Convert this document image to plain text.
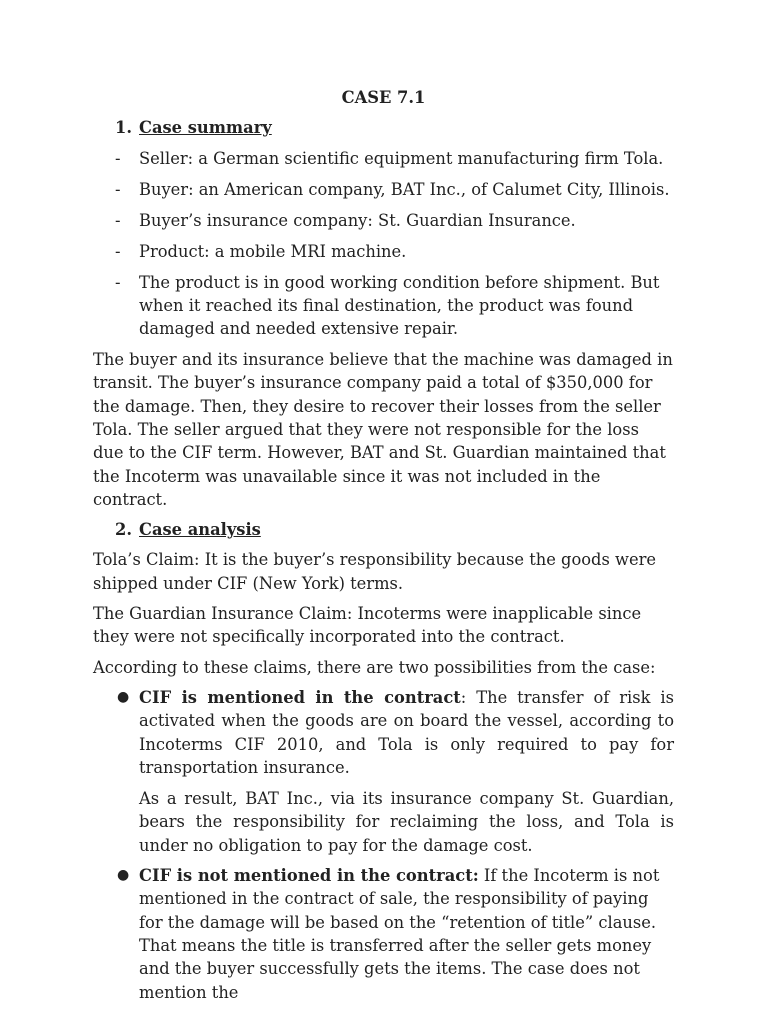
CASE 7.1
1. Case summary
- Seller: a German scientific equipment manufacturing firm Tola.
- Buyer: an American company, BAT Inc., of Calumet City, Illinois.
- Buyer’s insurance company: St. Guardian Insurance.
- Product: a mobile MRI machine.
- The product is in good working condition before shipment. But when it reached its final destination, the product was found damaged and needed extensive repair.

The buyer and its insurance believe that the machine was damaged in transit. The buyer’s insurance company paid a total of $350,000 for the damage. Then, they desire to recover their losses from the seller Tola. The seller argued that they were not responsible for the loss due to the CIF term. However, BAT and St. Guardian maintained that the Incoterm was unavailable since it was not included in the contract.

2. Case analysis

Tola’s Claim: It is the buyer’s responsibility because the goods were shipped under CIF (New York) terms.

The Guardian Insurance Claim: Incoterms were inapplicable since they were not specifically incorporated into the contract.

According to these claims, there are two possibilities from the case:

● CIF is mentioned in the contract: The transfer of risk is activated when the goods are on board the vessel, according to Incoterms CIF 2010, and Tola is only required to pay for transportation insurance.
As a result, BAT Inc., via its insurance company St. Guardian, bears the responsibility for reclaiming the loss, and Tola is under no obligation to pay for the damage cost.
● CIF is not mentioned in the contract: If the Incoterm is not mentioned in the contract of sale, the responsibility of paying for the damage will be based on the “retention of title” clause. That means the title is transferred after the seller gets money and the buyer successfully gets the items. The case does not mention the
